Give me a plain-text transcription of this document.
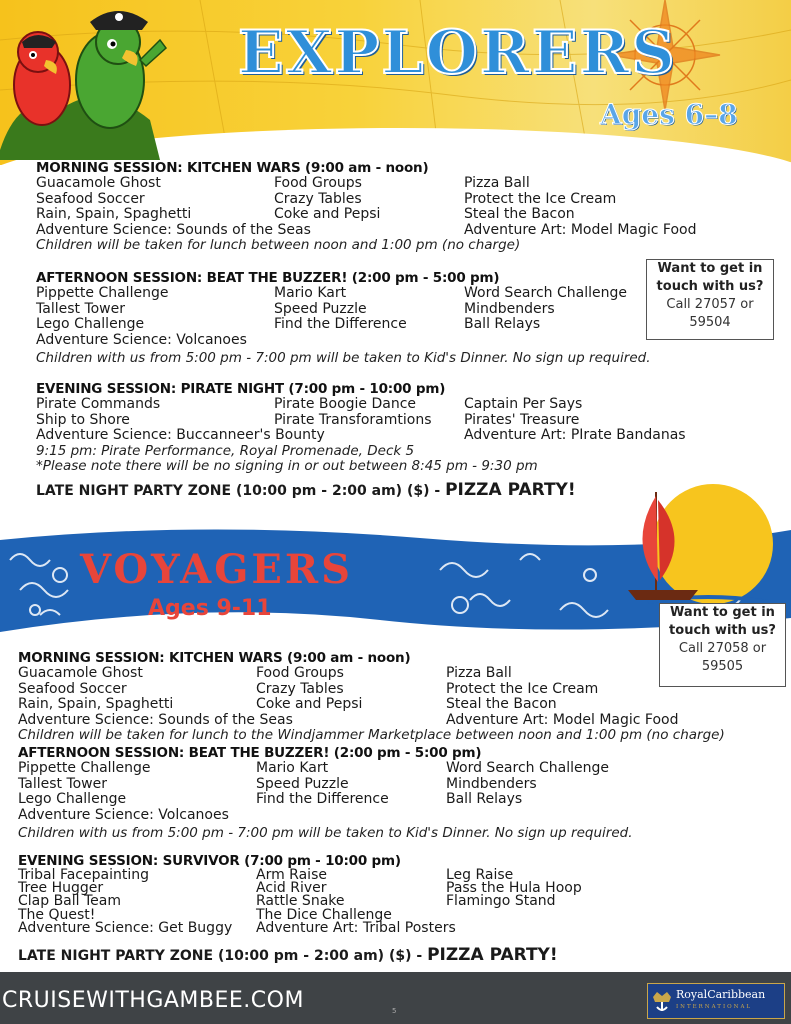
EXPLORERS
Ages 6–8
MORNING SESSION: KITCHEN WARS (9:00 am - noon)
Guacamole Ghost	Food Groups	Pizza Ball
Seafood Soccer	Crazy Tables	Protect the Ice Cream
Rain, Spain, Spaghetti	Coke and Pepsi	Steal the Bacon
Adventure Science: Sounds of the Seas	Adventure Art: Model Magic Food
Children will be taken for lunch between noon and 1:00 pm (no charge)
AFTERNOON SESSION: BEAT THE BUZZER! (2:00 pm - 5:00 pm)
Pippette Challenge	Mario Kart	Word Search Challenge
Tallest Tower	Speed Puzzle	Mindbenders
Lego Challenge	Find the Difference	Ball Relays
Adventure Science: Volcanoes
Children with us from 5:00 pm - 7:00 pm will be taken to Kid's Dinner. No sign up required.
Want to get in
touch with us?
Call 27057 or
59504
EVENING SESSION: PIRATE NIGHT (7:00 pm - 10:00 pm)
Pirate Commands	Pirate Boogie Dance	Captain Per Says
Ship to Shore	Pirate Transforamtions	Pirates' Treasure
Adventure Science: Buccanneer's Bounty	Adventure Art: PIrate Bandanas
9:15 pm: Pirate Performance, Royal Promenade, Deck 5
*Please note there will be no signing in or out between 8:45 pm - 9:30 pm
LATE NIGHT PARTY ZONE (10:00 pm - 2:00 am) ($) - PIZZA PARTY!
VOYAGERS
Ages 9-11	Want to get in
touch with us?
Call 27058 or
59505
MORNING SESSION: KITCHEN WARS (9:00 am - noon)
Guacamole Ghost	Food Groups	Pizza Ball
Seafood Soccer	Crazy Tables	Protect the Ice Cream
Rain, Spain, Spaghetti	Coke and Pepsi	Steal the Bacon
Adventure Science: Sounds of the Seas	Adventure Art: Model Magic Food
Children will be taken for lunch to the Windjammer Marketplace between noon and 1:00 pm (no charge)
AFTERNOON SESSION: BEAT THE BUZZER! (2:00 pm - 5:00 pm)
Pippette Challenge	Mario Kart	Word Search Challenge
Tallest Tower	Speed Puzzle	Mindbenders
Lego Challenge	Find the Difference	Ball Relays
Adventure Science: Volcanoes
Children with us from 5:00 pm - 7:00 pm will be taken to Kid's Dinner. No sign up required.
EVENING SESSION: SURVIVOR (7:00 pm - 10:00 pm)
Tribal Facepainting	Arm Raise	Leg Raise
Tree Hugger	Acid River	Pass the Hula Hoop
Clap Ball Team	Rattle Snake	Flamingo Stand
The Quest!	The Dice Challenge
Adventure Science: Get Buggy	Adventure Art: Tribal Posters
LATE NIGHT PARTY ZONE (10:00 pm - 2:00 am) ($) - PIZZA PARTY!
CRUISEWITHGAMBEE.COM	5
RoyalCaribbean
INTERNATIONAL
